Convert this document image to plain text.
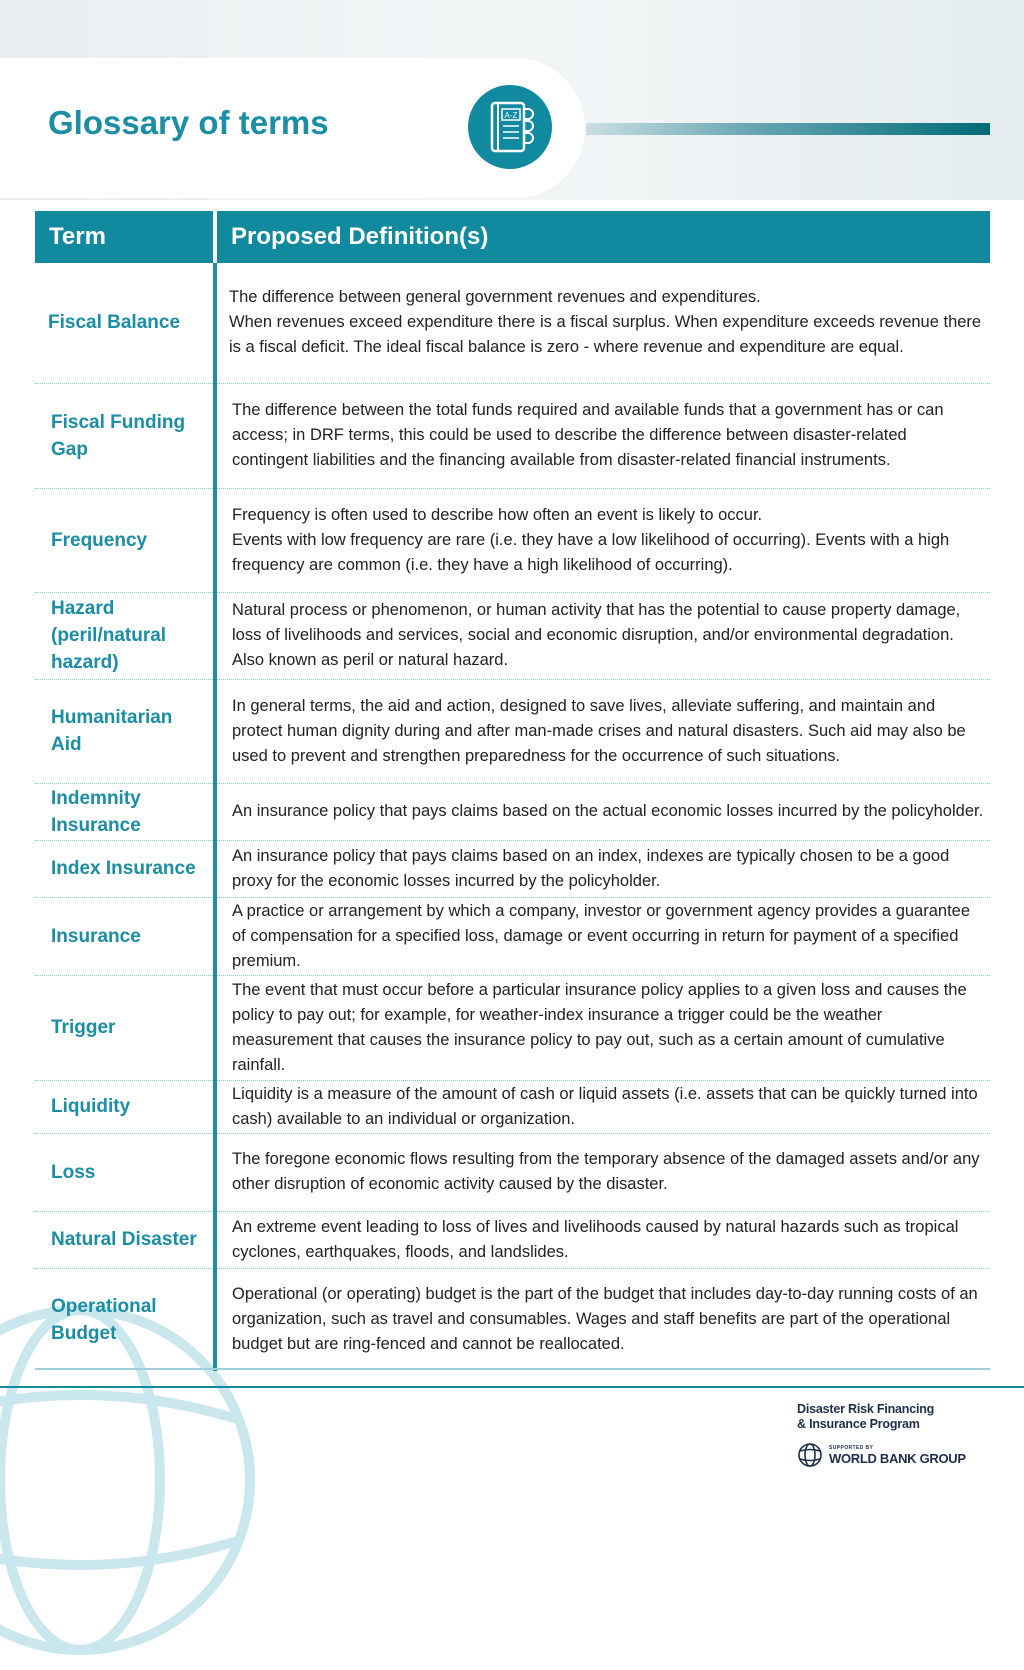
Glossary of terms	A-Z
Term	Proposed Definition(s)
Fiscal Balance	The difference between general government revenues and expenditures.
When revenues exceed expenditure there is a fiscal surplus. When expenditure exceeds revenue there is a fiscal deficit. The ideal fiscal balance is zero - where revenue and expenditure are equal.
Fiscal Funding Gap	The difference between the total funds required and available funds that a government has or can access; in DRF terms, this could be used to describe the difference between disaster-related contingent liabilities and the financing available from disaster-related financial instruments.
Frequency	Frequency is often used to describe how often an event is likely to occur.
Events with low frequency are rare (i.e. they have a low likelihood of occurring). Events with a high frequency are common (i.e. they have a high likelihood of occurring).
Hazard (peril/natural hazard)	Natural process or phenomenon, or human activity that has the potential to cause property damage, loss of livelihoods and services, social and economic disruption, and/or environmental degradation. Also known as peril or natural hazard.
Humanitarian Aid	In general terms, the aid and action, designed to save lives, alleviate suffering, and maintain and protect human dignity during and after man-made crises and natural disasters. Such aid may also be used to prevent and strengthen preparedness for the occurrence of such situations.
Indemnity Insurance	An insurance policy that pays claims based on the actual economic losses incurred by the policyholder.
Index Insurance	An insurance policy that pays claims based on an index, indexes are typically chosen to be a good proxy for the economic losses incurred by the policyholder.
Insurance	A practice or arrangement by which a company, investor or government agency provides a guarantee of compensation for a specified loss, damage or event occurring in return for payment of a specified premium.
Trigger	The event that must occur before a particular insurance policy applies to a given loss and causes the policy to pay out; for example, for weather-index insurance a trigger could be the weather measurement that causes the insurance policy to pay out, such as a certain amount of cumulative rainfall.
Liquidity	Liquidity is a measure of the amount of cash or liquid assets (i.e. assets that can be quickly turned into cash) available to an individual or organization.
Loss	The foregone economic flows resulting from the temporary absence of the damaged assets and/or any other disruption of economic activity caused by the disaster.
Natural Disaster	An extreme event leading to loss of lives and livelihoods caused by natural hazards such as tropical cyclones, earthquakes, floods, and landslides.
Operational Budget	Operational (or operating) budget is the part of the budget that includes day-to-day running costs of an organization, such as travel and consumables. Wages and staff benefits are part of the operational budget but are ring-fenced and cannot be reallocated.

Disaster Risk Financing

& Insurance Program

SUPPORTED BY
WORLD BANK GROUP
